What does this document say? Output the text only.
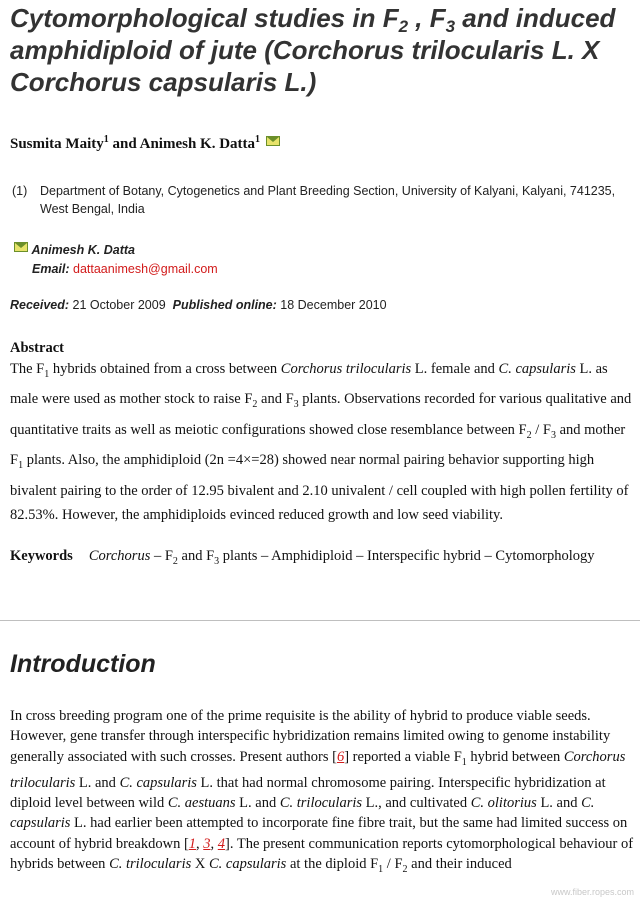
Cytomorphological studies in $F_2$ , $F_3$ and induced amphidiploid of jute (Corchorus trilocularis L. X Corchorus capsularis L.)
Susmita Maity$^1$ and Animesh K. Datta$^1$
(1) Department of Botany, Cytogenetics and Plant Breeding Section, University of Kalyani, Kalyani, 741235, West Bengal, India
Animesh K. Datta
Email: dattaanimesh@gmail.com
Received: 21 October 2009 Published online: 18 December 2010
Abstract

The $F_1$ hybrids obtained from a cross between Corchorus trilocularis L. female and C. capsularis L. as male were used as mother stock to raise $F_2$ and $F_3$ plants. Observations recorded for various qualitative and quantitative traits as well as meiotic configurations showed close resemblance between $F_2 / F_3$ and mother $F_1$ plants. Also, the amphidiploid (2n =4×=28) showed near normal pairing behavior supporting high bivalent pairing to the order of 12.95 bivalent and 2.10 univalent / cell coupled with high pollen fertility of 82.53%. However, the amphidiploids evinced reduced growth and low seed viability.

Keywords Corchorus – $F_2$ and $F_3$ plants – Amphidiploid – Interspecific hybrid – Cytomorphology
Introduction

In cross breeding program one of the prime requisite is the ability of hybrid to produce viable seeds. However, gene transfer through interspecific hybridization remains limited owing to genome instability generally associated with such crosses. Present authors [6] reported a viable $F_1$ hybrid between Corchorus trilocularis L. and C. capsularis L. that had normal chromosome pairing. Interspecific hybridization at diploid level between wild C. aestuans L. and C. trilocularis L., and cultivated C. olitorius L. and C. capsularis L. had earlier been attempted to incorporate fine fibre trait, but the same had limited success on account of hybrid breakdown [1, 3, 4]. The present communication reports cytomorphological behaviour of hybrids between C. trilocularis X C. capsularis at the diploid $F_1 / F_2$ and their induced

www.fiber.ropes.com
